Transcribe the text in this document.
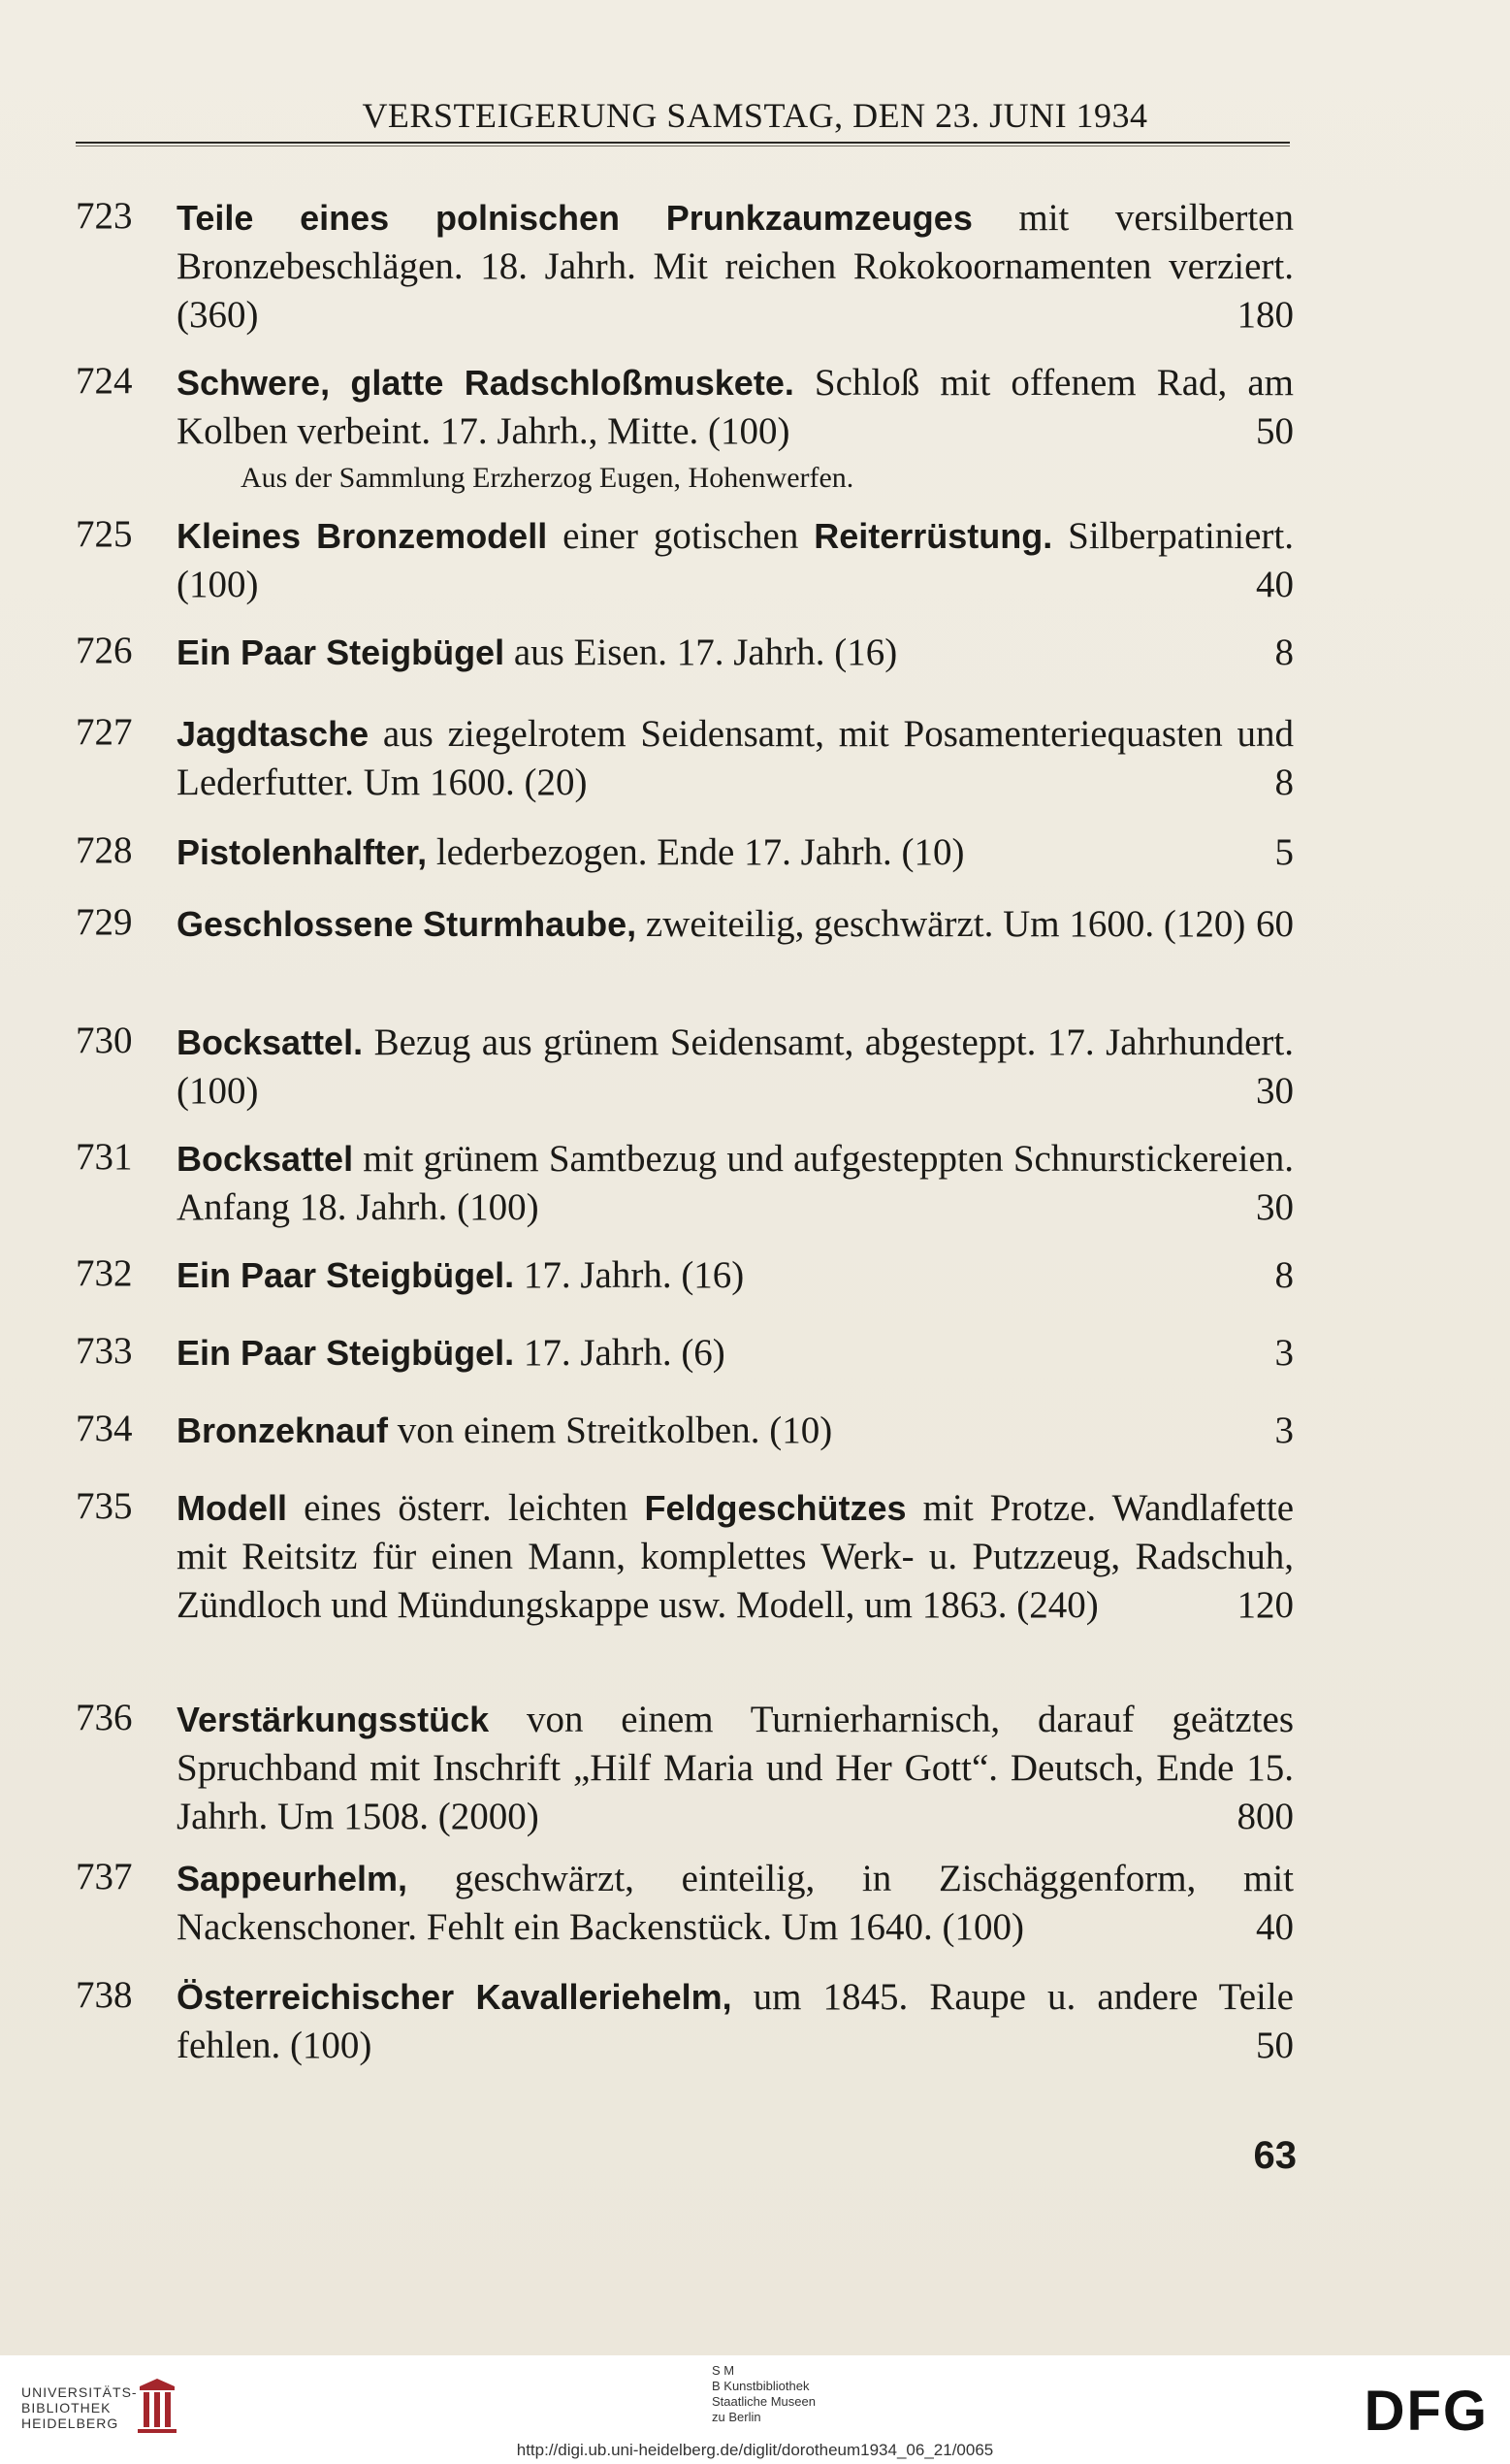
VERSTEIGERUNG SAMSTAG, DEN 23. JUNI 1934
723 Teile eines polnischen Prunkzaumzeuges mit versilberten Bronzebeschlägen. 18. Jahrh. Mit reichen Rokokoornamenten verziert. (360)	180
724 Schwere, glatte Radschloßmuskete. Schloß mit offenem Rad, am Kolben verbeint. 17. Jahrh., Mitte. (100)	50
Aus der Sammlung Erzherzog Eugen, Hohenwerfen.
725 Kleines Bronzemodell einer gotischen Reiterrüstung. Silberpatiniert. (100)	40
726 Ein Paar Steigbügel aus Eisen. 17. Jahrh. (16)	8
727 Jagdtasche aus ziegelrotem Seidensamt, mit Posamenteriequasten und Lederfutter. Um 1600. (20)	8
728 Pistolenhalfter, lederbezogen. Ende 17. Jahrh. (10)	5
729 Geschlossene Sturmhaube, zweiteilig, geschwärzt. Um 1600. (120) 60
730 Bocksattel. Bezug aus grünem Seidensamt, abgesteppt. 17. Jahrhundert. (100)	30
731 Bocksattel mit grünem Samtbezug und aufgesteppten Schnurstickereien. Anfang 18. Jahrh. (100)	30
732 Ein Paar Steigbügel. 17. Jahrh. (16)	8
733 Ein Paar Steigbügel. 17. Jahrh. (6)	3
734 Bronzeknauf von einem Streitkolben. (10)	3
735 Modell eines österr. leichten Feldgeschützes mit Protze. Wandlafette mit Reitsitz für einen Mann, komplettes Werk- u. Putzzeug, Radschuh, Zündloch und Mündungskappe usw. Modell, um 1863. (240)	120
736 Verstärkungsstück von einem Turnierharnisch, darauf geätztes Spruchband mit Inschrift „Hilf Maria und Her Gott“. Deutsch, Ende 15. Jahrh. Um 1508. (2000)	800
737 Sappeurhelm, geschwärzt, einteilig, in Zischäggenform, mit Nackenschoner. Fehlt ein Backenstück. Um 1640. (100)	40
738 Österreichischer Kavalleriehelm, um 1845. Raupe u. andere Teile fehlen. (100)	50
63
UNIVERSITÄTS-
BIBLIOTHEK
HEIDELBERG
S M
B Kunstbibliothek
Staatliche Museen
zu Berlin	DFG
http://digi.ub.uni-heidelberg.de/diglit/dorotheum1934_06_21/0065
